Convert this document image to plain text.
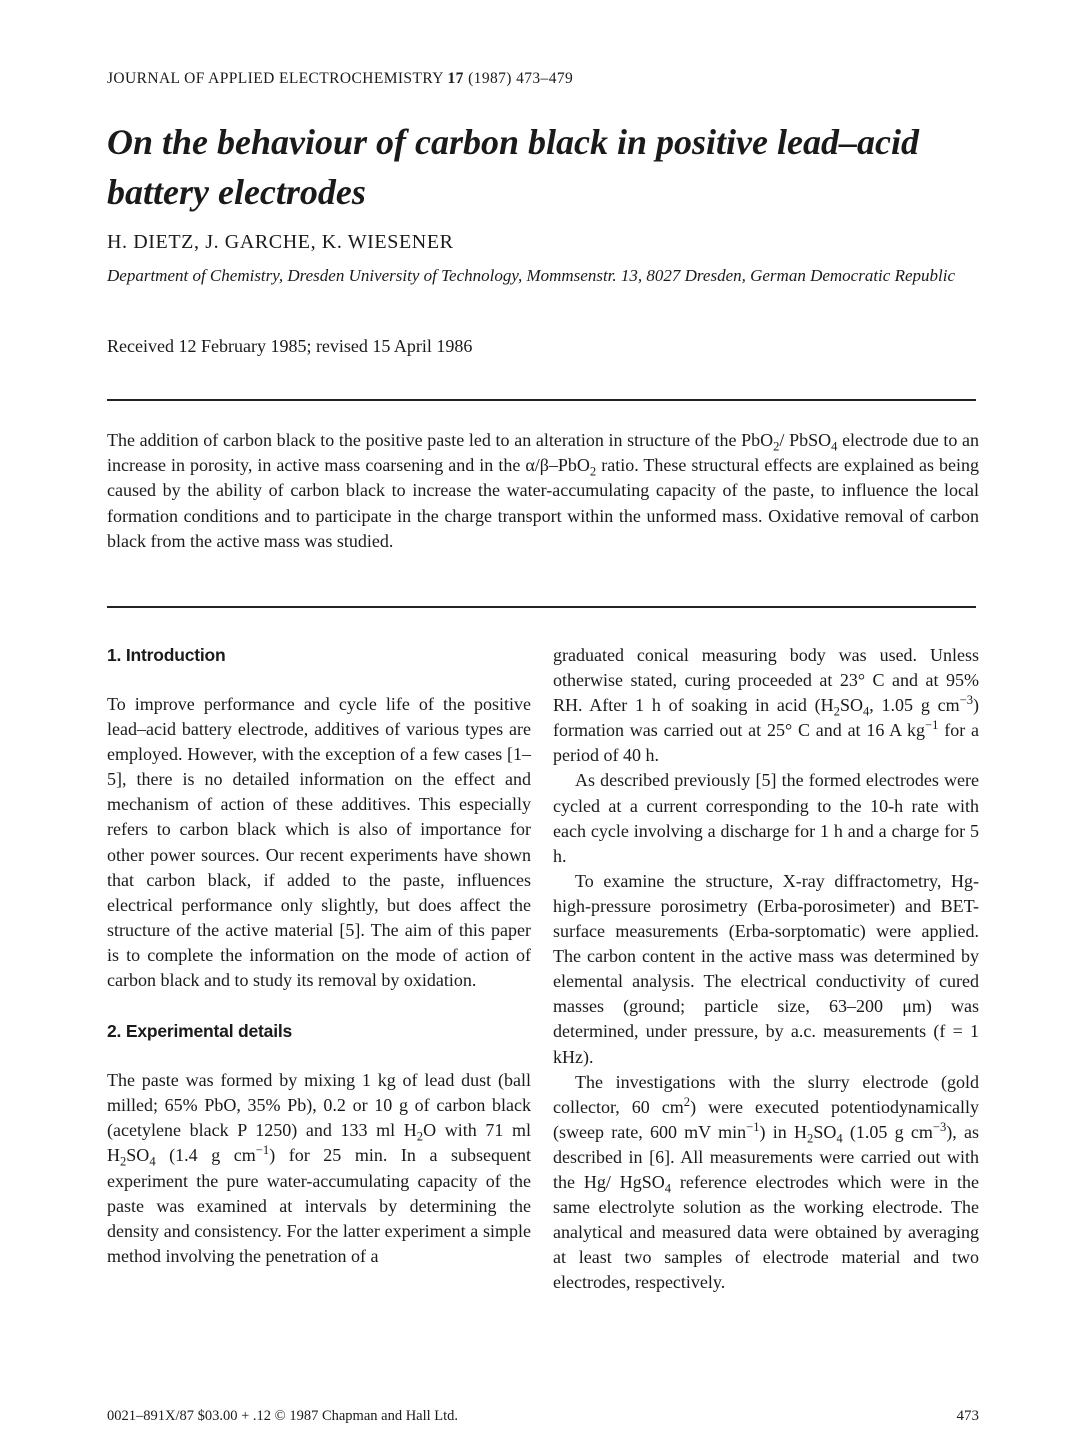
JOURNAL OF APPLIED ELECTROCHEMISTRY 17 (1987) 473–479
On the behaviour of carbon black in positive lead–acid battery electrodes
H. DIETZ, J. GARCHE, K. WIESENER
Department of Chemistry, Dresden University of Technology, Mommsenstr. 13, 8027 Dresden, German Democratic Republic
Received 12 February 1985; revised 15 April 1986

The addition of carbon black to the positive paste led to an alteration in structure of the PbO$_2$/ PbSO$_4$ electrode due to an increase in porosity, in active mass coarsening and in the α/β–PbO$_2$ ratio. These structural effects are explained as being caused by the ability of carbon black to increase the water-accumulating capacity of the paste, to influence the local formation conditions and to participate in the charge transport within the unformed mass. Oxidative removal of carbon black from the active mass was studied.

1. Introduction

To improve performance and cycle life of the positive lead–acid battery electrode, additives of various types are employed. However, with the exception of a few cases [1–5], there is no detailed information on the effect and mechanism of action of these additives. This especially refers to carbon black which is also of importance for other power sources. Our recent experiments have shown that carbon black, if added to the paste, influences electrical performance only slightly, but does affect the structure of the active material [5]. The aim of this paper is to complete the information on the mode of action of carbon black and to study its removal by oxidation.

2. Experimental details

The paste was formed by mixing 1 kg of lead dust (ball milled; 65% PbO, 35% Pb), 0.2 or 10 g of carbon black (acetylene black P 1250) and 133 ml $H_2O$ with 71 ml $H_2SO_4$ (1.4 g $cm^{-1}$) for 25 min. In a subsequent experiment the pure water-accumulating capacity of the paste was examined at intervals by determining the density and consistency. For the latter experiment a simple method involving the penetration of a

graduated conical measuring body was used. Unless otherwise stated, curing proceeded at 23° C and at 95% RH. After 1 h of soaking in acid ($H_2SO_4$, 1.05 g $cm^{-3}$) formation was carried out at 25° C and at 16 A $kg^{-1}$ for a period of 40 h.

As described previously [5] the formed electrodes were cycled at a current corresponding to the 10-h rate with each cycle involving a discharge for 1 h and a charge for 5 h.

To examine the structure, X-ray diffractometry, Hg-high-pressure porosimetry (Erba-porosimeter) and BET-surface measurements (Erba-sorptomatic) were applied. The carbon content in the active mass was determined by elemental analysis. The electrical conductivity of cured masses (ground; particle size, 63–200 μm) was determined, under pressure, by a.c. measurements (f = 1 kHz).

The investigations with the slurry electrode (gold collector, 60 $cm^2$) were executed potentiodynamically (sweep rate, 600 mV $\min^{-1}$) in $H_2SO_4$ (1.05 g $cm^{-3}$), as described in [6]. All measurements were carried out with the Hg/ HgSO$_4$ reference electrodes which were in the same electrolyte solution as the working electrode. The analytical and measured data were obtained by averaging at least two samples of electrode material and two electrodes, respectively.

0021–891X/87 $03.00 + .12 © 1987 Chapman and Hall Ltd.	473
